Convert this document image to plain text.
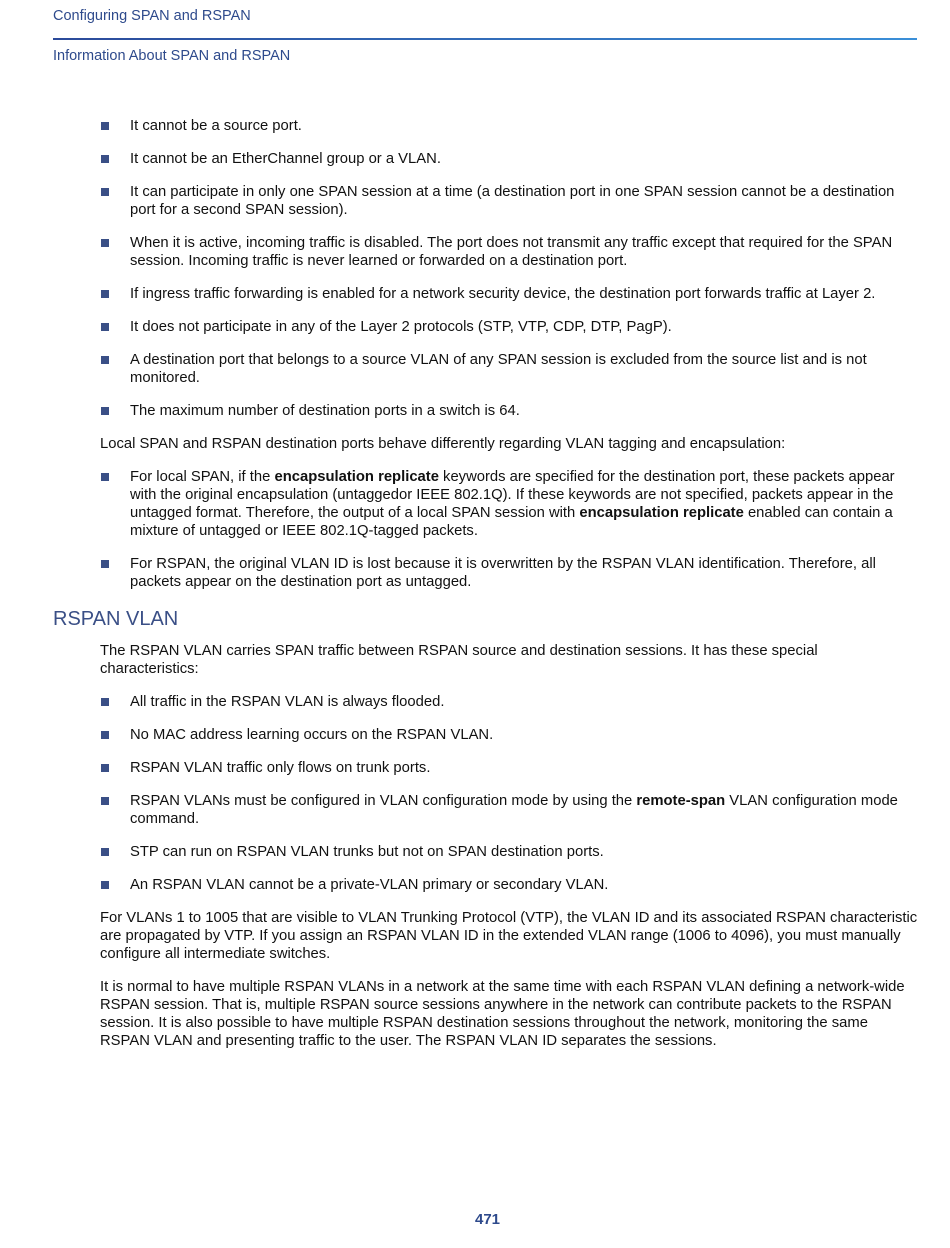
Configuring SPAN and RSPAN
Information About SPAN and RSPAN
It cannot be a source port.
It cannot be an EtherChannel group or a VLAN.
It can participate in only one SPAN session at a time (a destination port in one SPAN session cannot be a destination port for a second SPAN session).
When it is active, incoming traffic is disabled. The port does not transmit any traffic except that required for the SPAN session. Incoming traffic is never learned or forwarded on a destination port.
If ingress traffic forwarding is enabled for a network security device, the destination port forwards traffic at Layer 2.
It does not participate in any of the Layer 2 protocols (STP, VTP, CDP, DTP, PagP).
A destination port that belongs to a source VLAN of any SPAN session is excluded from the source list and is not monitored.
The maximum number of destination ports in a switch is 64.

Local SPAN and RSPAN destination ports behave differently regarding VLAN tagging and encapsulation:

For local SPAN, if the encapsulation replicate keywords are specified for the destination port, these packets appear with the original encapsulation (untaggedor IEEE 802.1Q). If these keywords are not specified, packets appear in the untagged format. Therefore, the output of a local SPAN session with encapsulation replicate enabled can contain a mixture of untagged or IEEE 802.1Q-tagged packets.
For RSPAN, the original VLAN ID is lost because it is overwritten by the RSPAN VLAN identification. Therefore, all packets appear on the destination port as untagged.
RSPAN VLAN

The RSPAN VLAN carries SPAN traffic between RSPAN source and destination sessions. It has these special characteristics:

All traffic in the RSPAN VLAN is always flooded.
No MAC address learning occurs on the RSPAN VLAN.
RSPAN VLAN traffic only flows on trunk ports.
RSPAN VLANs must be configured in VLAN configuration mode by using the remote-span VLAN configuration mode command.
STP can run on RSPAN VLAN trunks but not on SPAN destination ports.
An RSPAN VLAN cannot be a private-VLAN primary or secondary VLAN.

For VLANs 1 to 1005 that are visible to VLAN Trunking Protocol (VTP), the VLAN ID and its associated RSPAN characteristic are propagated by VTP. If you assign an RSPAN VLAN ID in the extended VLAN range (1006 to 4096), you must manually configure all intermediate switches.

It is normal to have multiple RSPAN VLANs in a network at the same time with each RSPAN VLAN defining a network-wide RSPAN session. That is, multiple RSPAN source sessions anywhere in the network can contribute packets to the RSPAN session. It is also possible to have multiple RSPAN destination sessions throughout the network, monitoring the same RSPAN VLAN and presenting traffic to the user. The RSPAN VLAN ID separates the sessions.

471
